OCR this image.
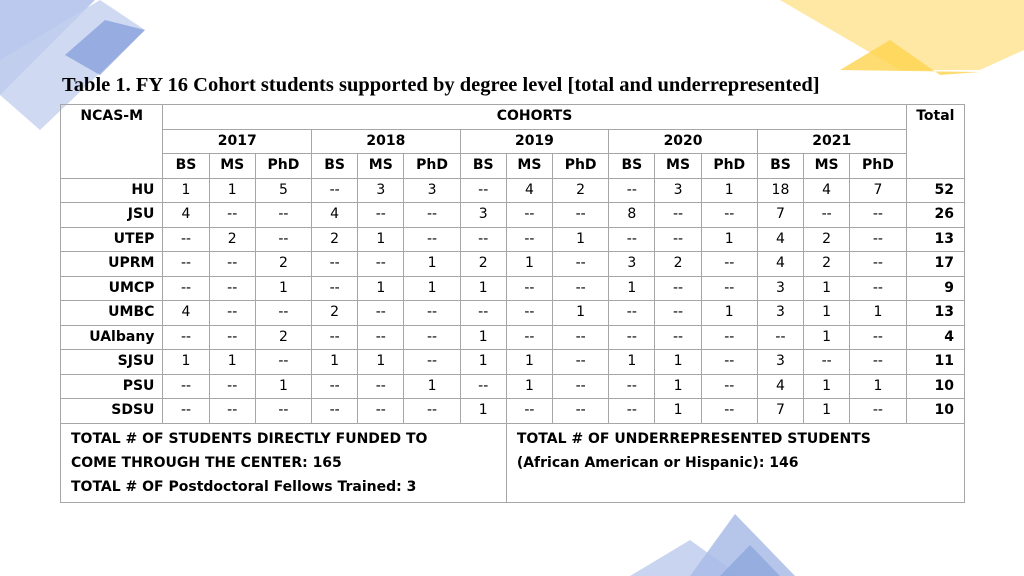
Table 1. FY 16 Cohort students supported by degree level [total and underrepresented]
NCAS-M	COHORTS															Total
	2017			2018			2019			2020			2021			
	BS	MS	PhD	BS	MS	PhD	BS	MS	PhD	BS	MS	PhD	BS	MS	PhD	
HU	1	1	5	--	3	3	--	4	2	--	3	1	18	4	7	52
JSU	4	--	--	4	--	--	3	--	--	8	--	--	7	--	--	26
UTEP	--	2	--	2	1	--	--	--	1	--	--	1	4	2	--	13
UPRM	--	--	2	--	--	1	2	1	--	3	2	--	4	2	--	17
UMCP	--	--	1	--	1	1	1	--	--	1	--	--	3	1	--	9
UMBC	4	--	--	2	--	--	--	--	1	--	--	1	3	1	1	13
UAlbany	--	--	2	--	--	--	1	--	--	--	--	--	--	1	--	4
SJSU	1	1	--	1	1	--	1	1	--	1	1	--	3	--	--	11
PSU	--	--	1	--	--	1	--	1	--	--	1	--	4	1	1	10
SDSU	--	--	--	--	--	--	1	--	--	--	1	--	7	1	--	10

TOTAL # OF STUDENTS DIRECTLY FUNDED TO
COME THROUGH THE CENTER: 165
TOTAL # OF Postdoctoral Fellows Trained: 3								TOTAL # OF UNDERREPRESENTED STUDENTS
(African American or Hispanic): 146								
